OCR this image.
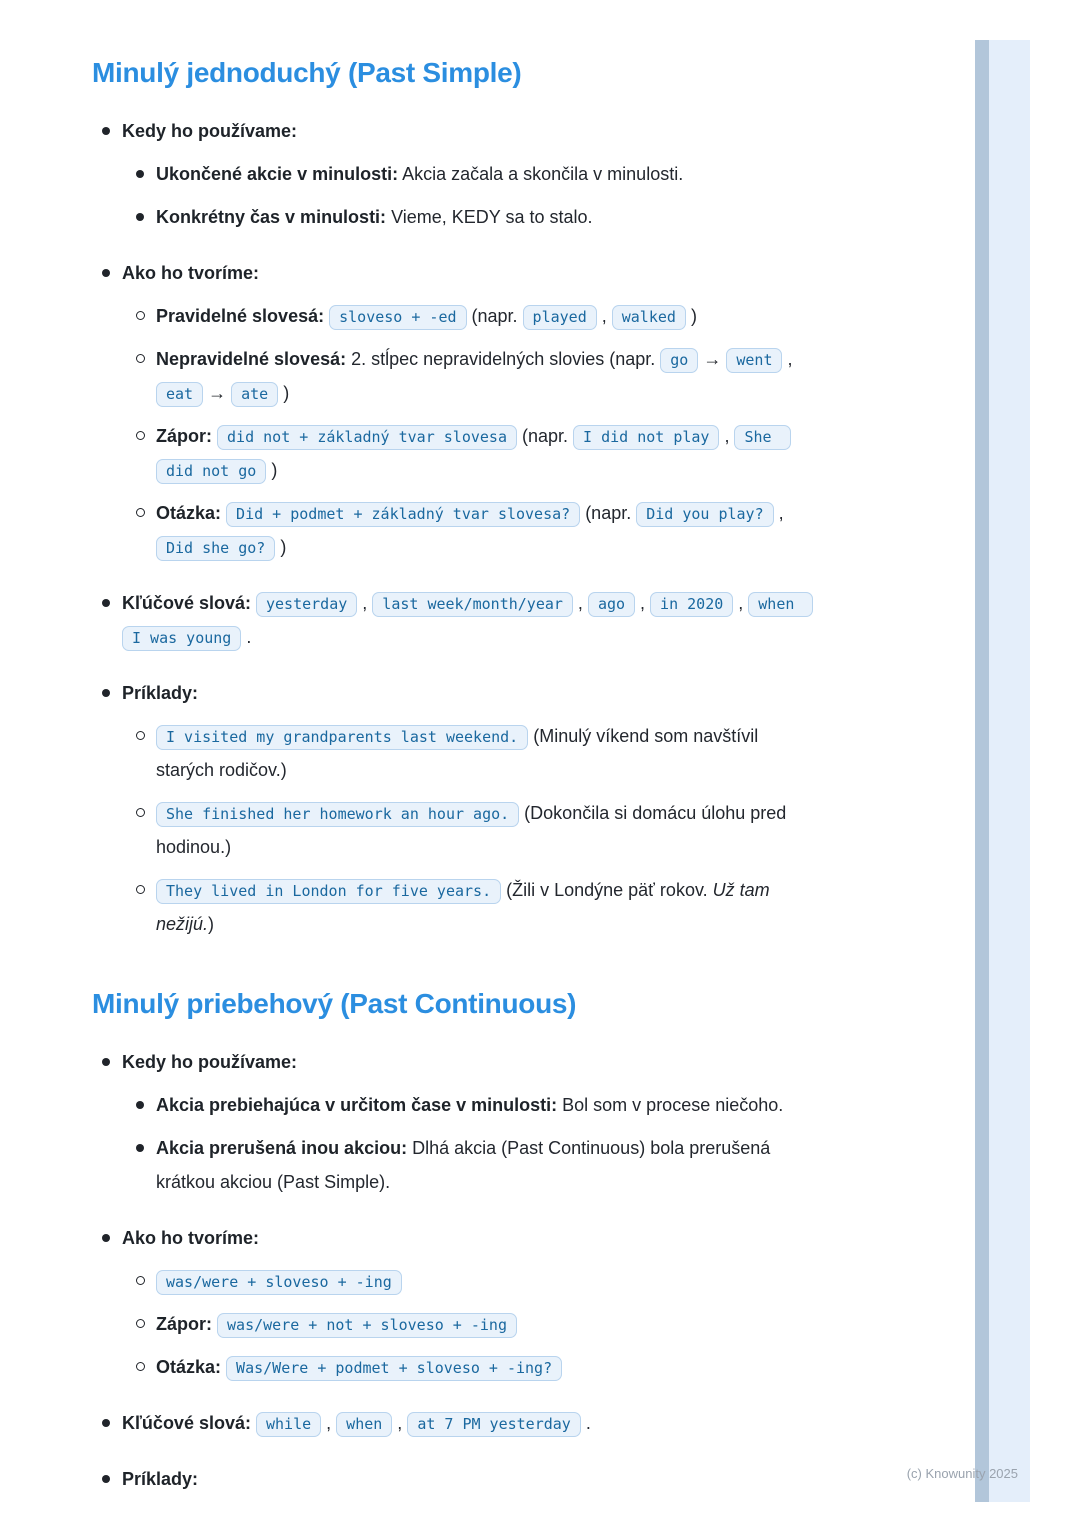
Minulý jednoduchý (Past Simple)
Kedy ho používame:
Ukončené akcie v minulosti: Akcia začala a skončila v minulosti.
Konkrétny čas v minulosti: Vieme, KEDY sa to stalo.
Ako ho tvoríme:
Pravidelné slovesá: sloveso + -ed (napr. played , walked )
Nepravidelné slovesá: 2. stĺpec nepravidelných slovies (napr. go → went , eat → ate )
Zápor: did not + základný tvar slovesa (napr. I did not play , She did not go )
Otázka: Did + podmet + základný tvar slovesa? (napr. Did you play? , Did she go? )
Kľúčové slová: yesterday , last week/month/year , ago , in 2020 , when I was young .
Príklady:
I visited my grandparents last weekend. (Minulý víkend som navštívil starých rodičov.)
She finished her homework an hour ago. (Dokončila si domácu úlohu pred hodinou.)
They lived in London for five years. (Žili v Londýne päť rokov. Už tam nežijú.)
Minulý priebehový (Past Continuous)
Kedy ho používame:
Akcia prebiehajúca v určitom čase v minulosti: Bol som v procese niečoho.
Akcia prerušená inou akciou: Dlhá akcia (Past Continuous) bola prerušená krátkou akciou (Past Simple).
Ako ho tvoríme:
was/were + sloveso + -ing
Zápor: was/were + not + sloveso + -ing
Otázka: Was/Were + podmet + sloveso + -ing?
Kľúčové slová: while , when , at 7 PM yesterday .
Príklady:	(c) Knowunity 2025
